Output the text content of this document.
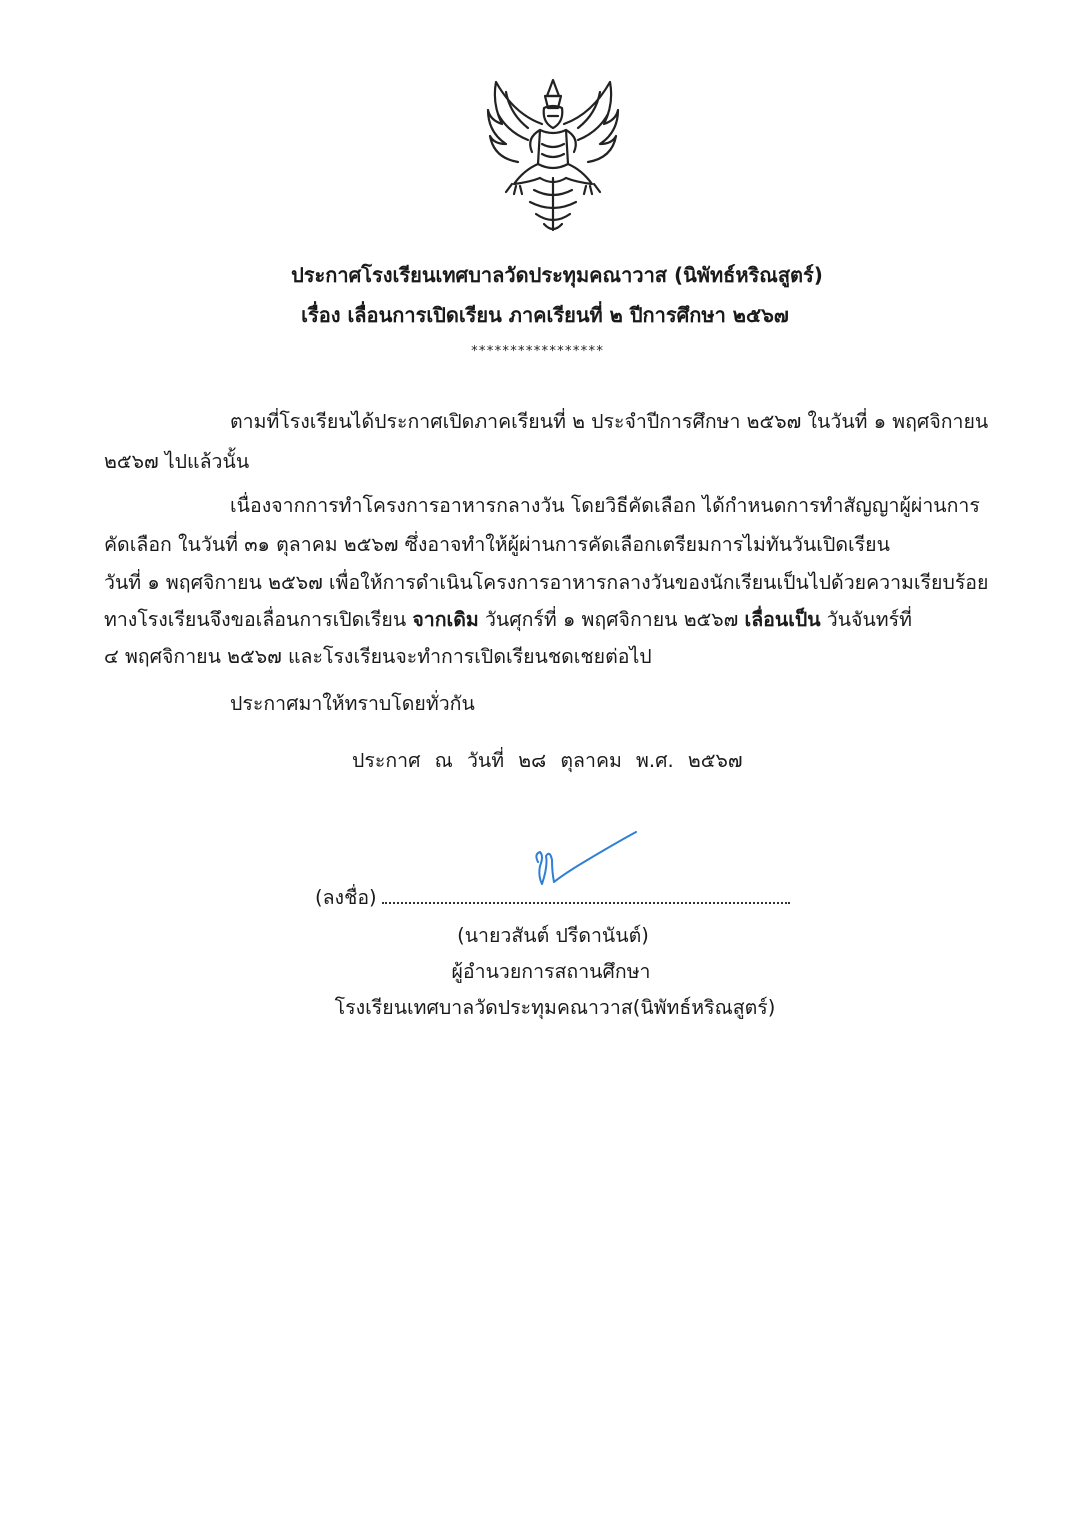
ประกาศโรงเรียนเทศบาลวัดประทุมคณาวาส (นิพัทธ์หริณสูตร์)
เรื่อง เลื่อนการเปิดเรียน ภาคเรียนที่ ๒ ปีการศึกษา ๒๕๖๗
*****************
ตามที่โรงเรียนได้ประกาศเปิดภาคเรียนที่ ๒ ประจำปีการศึกษา ๒๕๖๗ ในวันที่ ๑ พฤศจิกายน
๒๕๖๗ ไปแล้วนั้น
เนื่องจากการทำโครงการอาหารกลางวัน โดยวิธีคัดเลือก ได้กำหนดการทำสัญญาผู้ผ่านการ
คัดเลือก ในวันที่ ๓๑ ตุลาคม ๒๕๖๗ ซึ่งอาจทำให้ผู้ผ่านการคัดเลือกเตรียมการไม่ทันวันเปิดเรียน
วันที่ ๑ พฤศจิกายน ๒๕๖๗ เพื่อให้การดำเนินโครงการอาหารกลางวันของนักเรียนเป็นไปด้วยความเรียบร้อย
ทางโรงเรียนจึงขอเลื่อนการเปิดเรียน จากเดิม วันศุกร์ที่ ๑ พฤศจิกายน ๒๕๖๗ เลื่อนเป็น วันจันทร์ที่
๔ พฤศจิกายน ๒๕๖๗ และโรงเรียนจะทำการเปิดเรียนชดเชยต่อไป
ประกาศมาให้ทราบโดยทั่วกัน
ประกาศ ณ วันที่ ๒๘ ตุลาคม พ.ศ. ๒๕๖๗
(ลงชื่อ)
(นายวสันต์ ปรีดานันต์)
ผู้อำนวยการสถานศึกษา
โรงเรียนเทศบาลวัดประทุมคณาวาส(นิพัทธ์หริณสูตร์)
